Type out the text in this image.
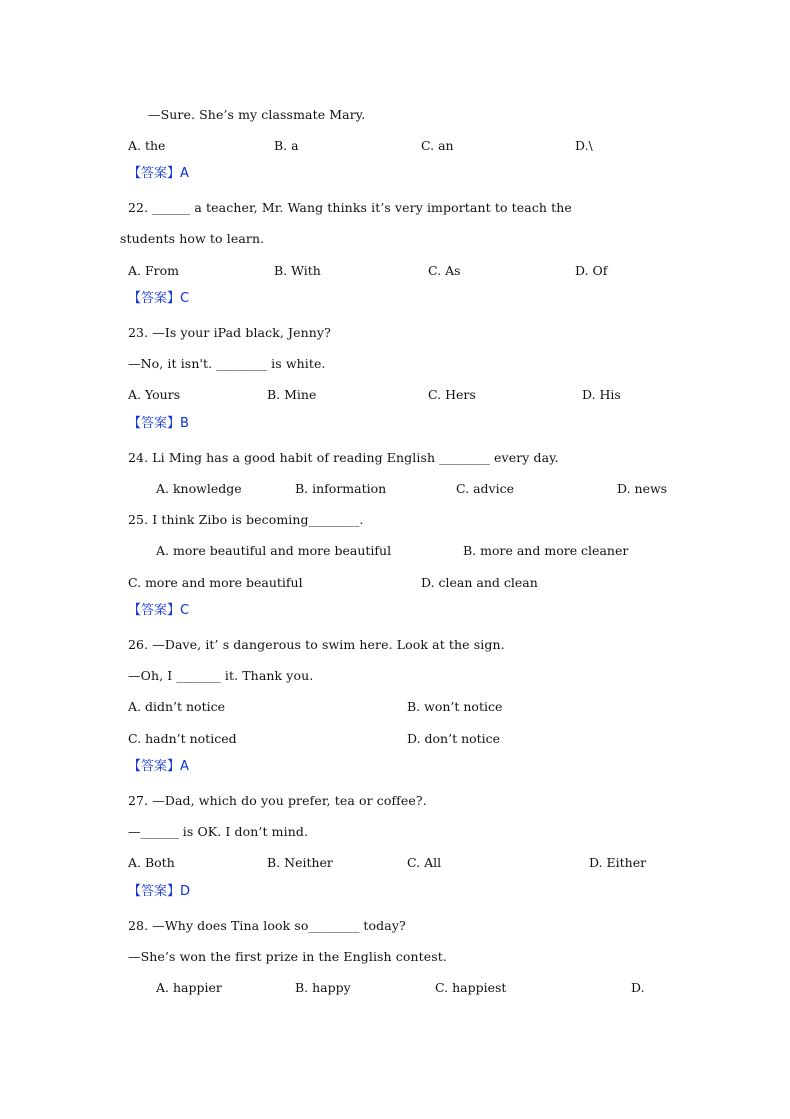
—Sure. She’s my classmate Mary.
A. the	B. a	C. an	D.\
【答案】A
22. ______ a teacher, Mr. Wang thinks it’s very important to teach the
students how to learn.
A. From	B. With	C. As	D. Of
【答案】C
23. —Is your iPad black, Jenny?
—No, it isn't. ________ is white.
A. Yours	B. Mine	C. Hers	D. His
【答案】B
24. Li Ming has a good habit of reading English ________ every day.
A. knowledge	B. information	C. advice	D. news
25. I think Zibo is becoming________.
A. more beautiful and more beautiful	B. more and more cleaner
C. more and more beautiful	D. clean and clean
【答案】C
26. —Dave, it’ s dangerous to swim here. Look at the sign.
—Oh, I _______ it. Thank you.
A. didn’t notice	B. won’t notice
C. hadn’t noticed	D. don’t notice
【答案】A
27. —Dad, which do you prefer, tea or coffee?.
—______ is OK. I don’t mind.
A. Both	B. Neither	C. All	D. Either
【答案】D
28. —Why does Tina look so________ today?
—She’s won the first prize in the English contest.
A. happier	B. happy	C. happiest	D.
